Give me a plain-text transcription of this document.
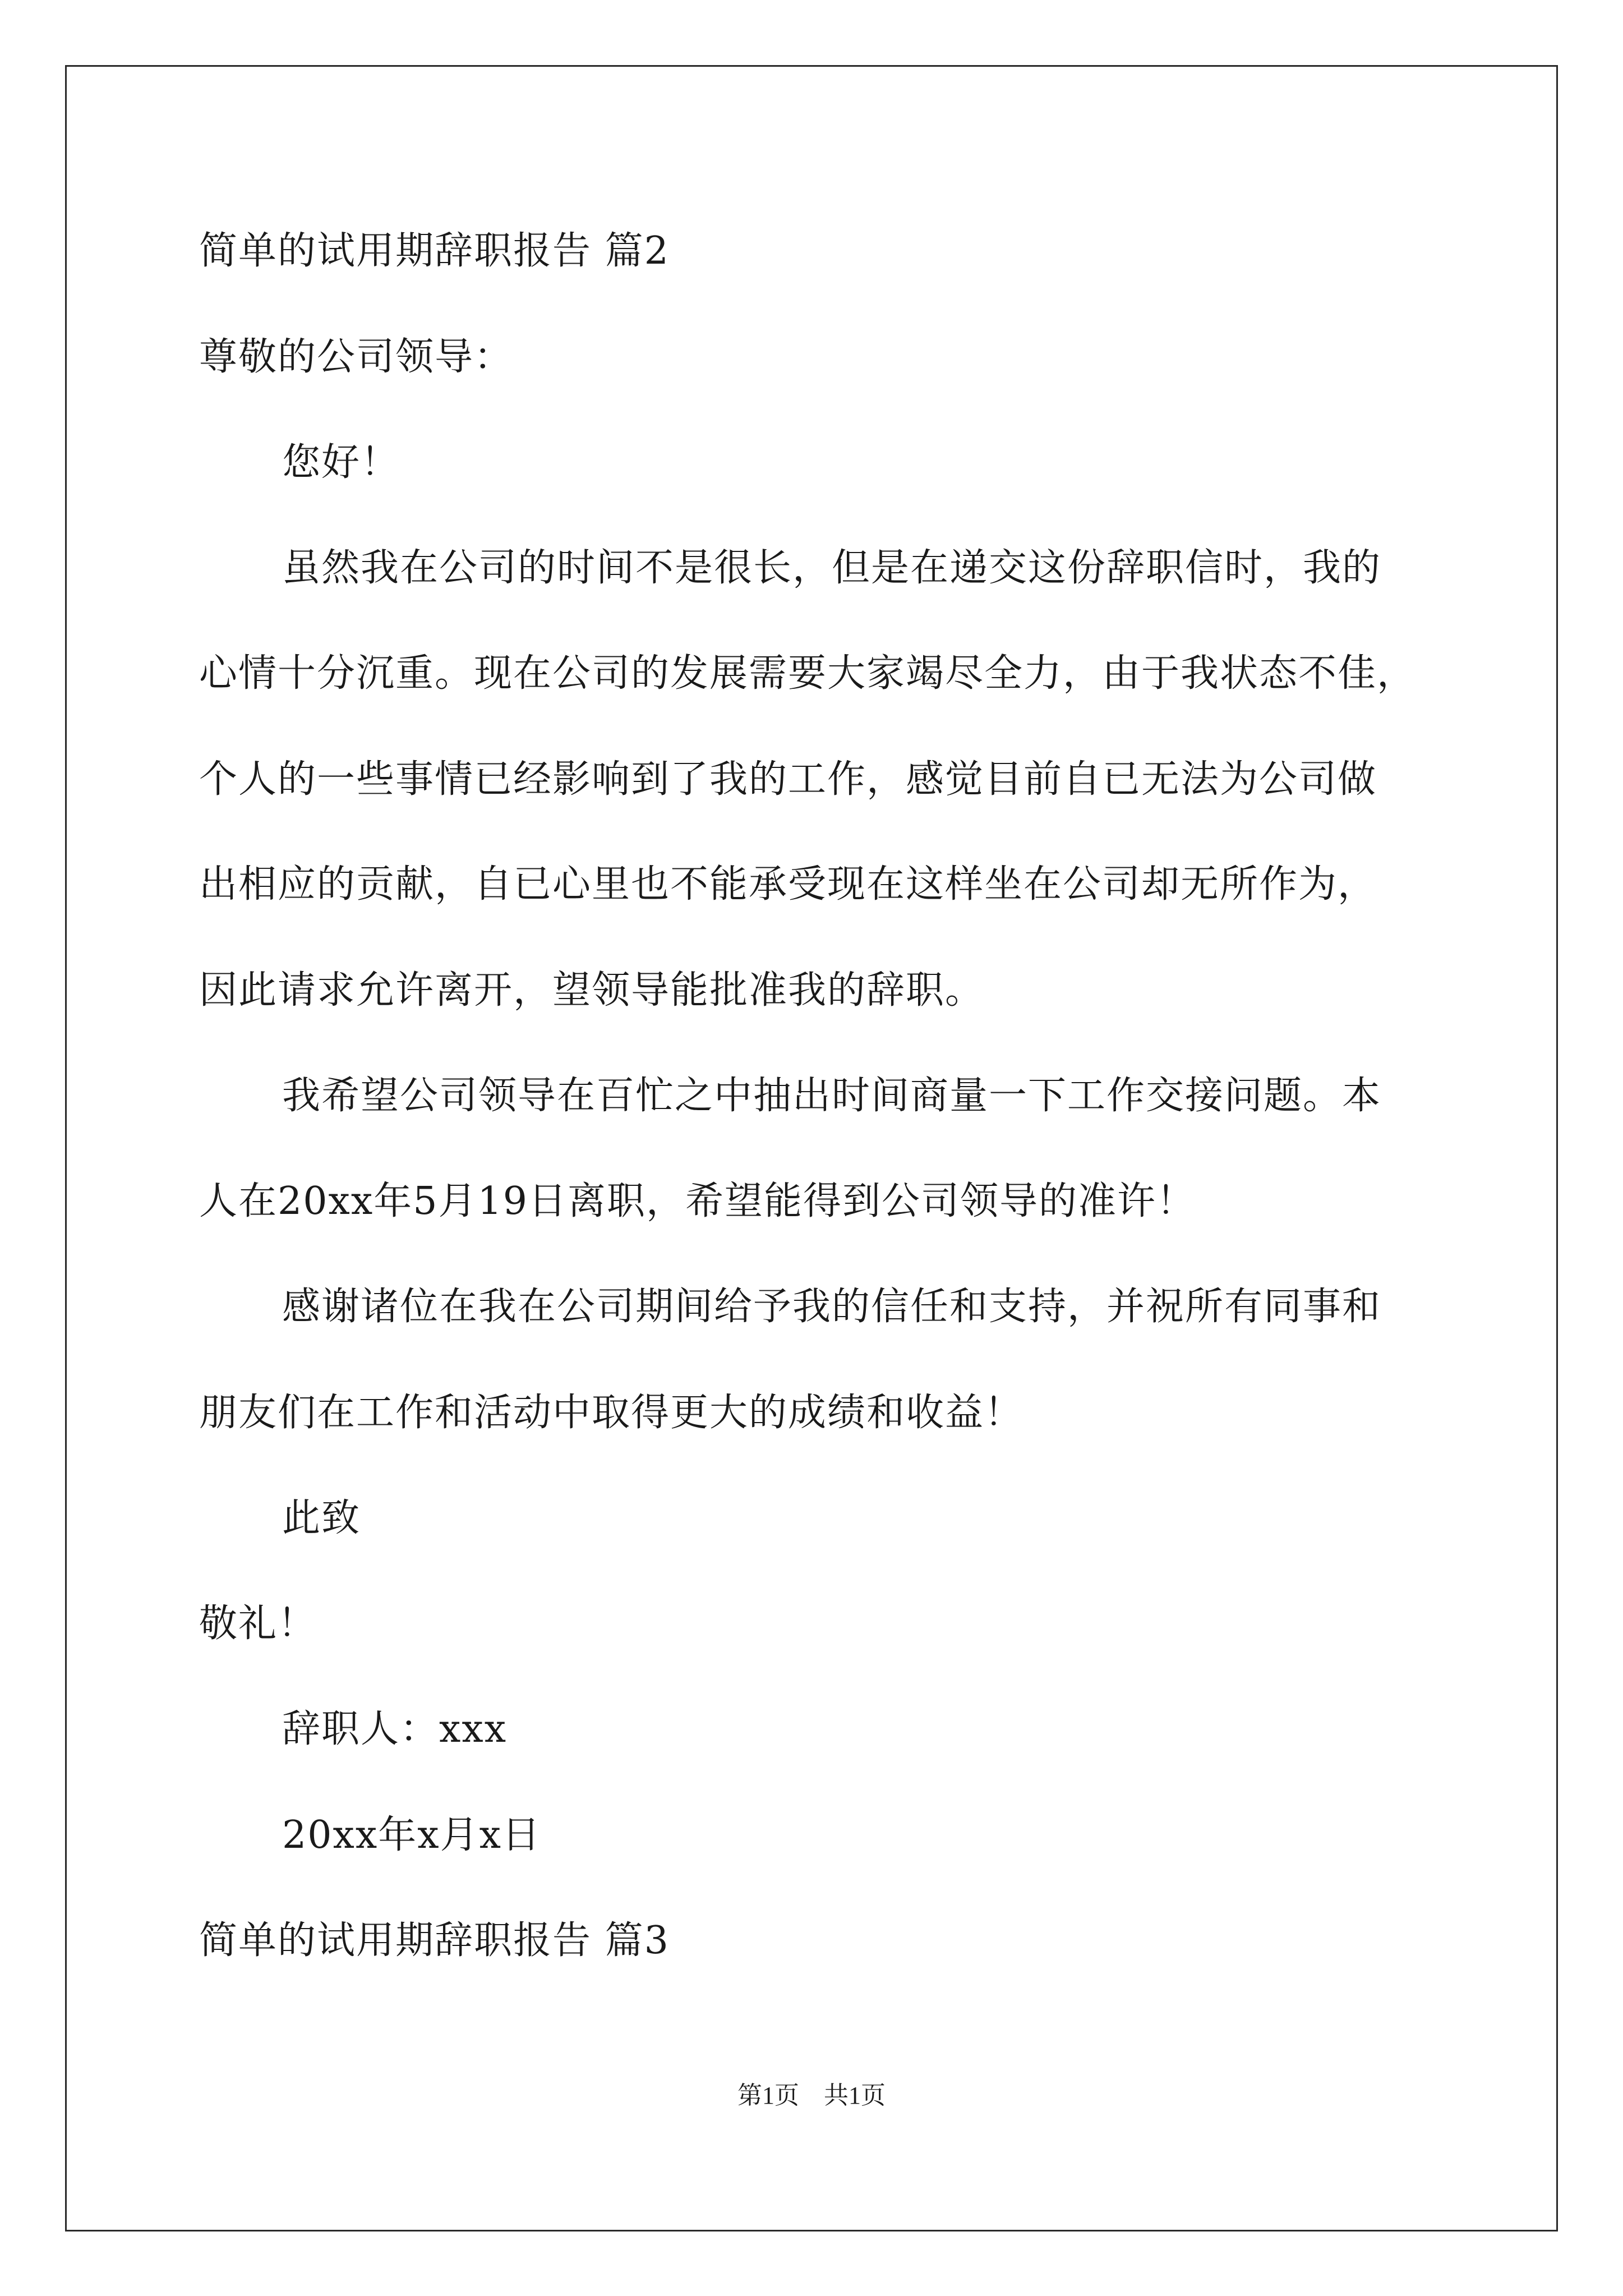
简单的试用期辞职报告 篇2
尊敬的公司领导：
您好！
虽然我在公司的时间不是很长，但是在递交这份辞职信时，我的
心情十分沉重。现在公司的发展需要大家竭尽全力，由于我状态不佳，
个人的一些事情已经影响到了我的工作，感觉目前自已无法为公司做
出相应的贡献，自已心里也不能承受现在这样坐在公司却无所作为，
因此请求允许离开，望领导能批准我的辞职。
我希望公司领导在百忙之中抽出时间商量一下工作交接问题。本
人在20xx年5月19日离职，希望能得到公司领导的准许！
感谢诸位在我在公司期间给予我的信任和支持，并祝所有同事和
朋友们在工作和活动中取得更大的成绩和收益！
此致
敬礼！
辞职人：xxx
20xx年x月x日
简单的试用期辞职报告 篇3
第1页　共1页
